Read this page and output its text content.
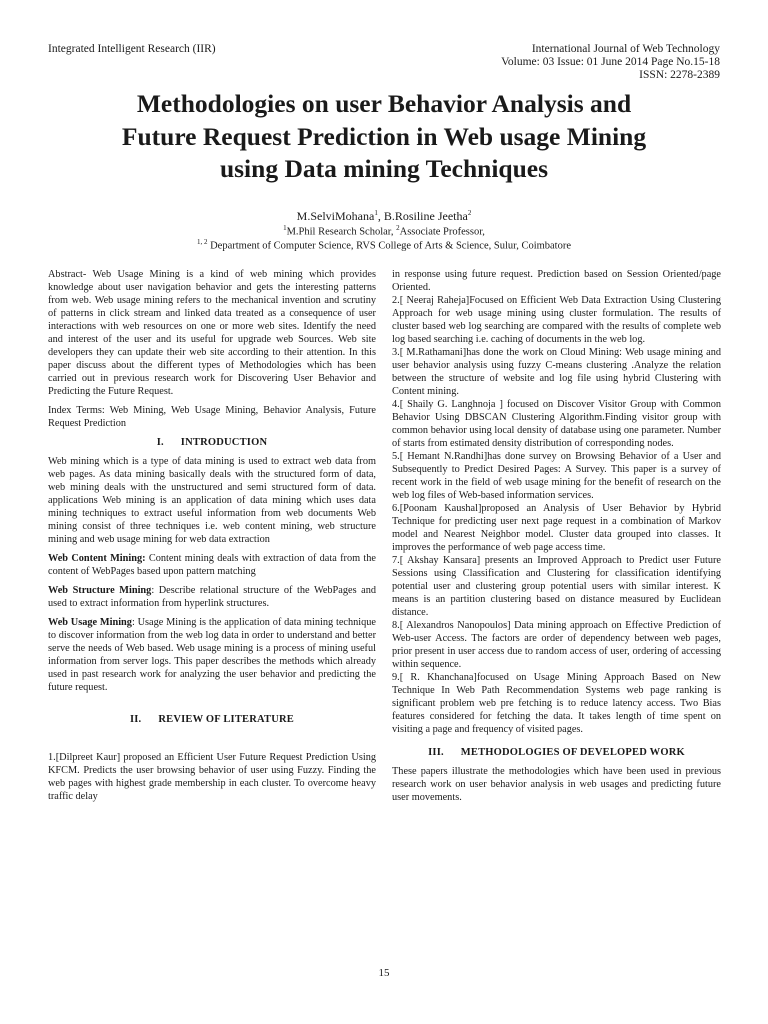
Integrated Intelligent Research (IIR)	International Journal of Web Technology
Volume: 03 Issue: 01 June 2014 Page No.15-18
ISSN: 2278-2389
Methodologies on user Behavior Analysis and
Future Request Prediction in Web usage Mining
using Data mining Techniques
M.SelviMohana$^1$, B.Rosiline Jeetha$^2$
$^1$M.Phil Research Scholar, $^2$Associate Professor,
$^{1, 2}$ Department of Computer Science, RVS College of Arts & Science, Sulur, Coimbatore

Abstract- Web Usage Mining is a kind of web mining which provides knowledge about user navigation behavior and gets the interesting patterns from web. Web usage mining refers to the mechanical invention and scrutiny of patterns in click stream and linked data treated as a consequence of user interactions with web resources on one or more web sites. Identify the need and interest of the user and its useful for upgrade web Sources. Web site developers they can update their web site according to their attention. In this paper discuss about the different types of Methodologies which has been carried out in previous research work for Discovering User Behavior and Predicting the Future Request.

Index Terms: Web Mining, Web Usage Mining, Behavior Analysis, Future Request Prediction

I.      INTRODUCTION

Web mining which is a type of data mining is used to extract web data from web pages. As data mining basically deals with the structured form of data, web mining deals with the unstructured and semi structured form of data. applications Web mining is an application of data mining which uses data mining techniques to extract useful information from web documents Web mining consist of three techniques i.e. web content mining, web structure mining and web usage mining for web data extraction

Web Content Mining: Content mining deals with extraction of data from the content of WebPages based upon pattern matching

Web Structure Mining: Describe relational structure of the WebPages and used to extract information from hyperlink structures.

Web Usage Mining: Usage Mining is the application of data mining technique to discover information from the web log data in order to understand and better serve the needs of Web based. Web usage mining is a process of mining useful information from server logs. This paper describes the methods which already used in past research work for analyzing the user behavior and predicting the future request.

II.      REVIEW OF LITERATURE

1.[Dilpreet Kaur] proposed an Efficient User Future Request Prediction Using KFCM. Predicts the user browsing behavior of user using Fuzzy. Finding the web pages with highest grade membership in each cluster. To overcome heavy traffic delay

in response using future request. Prediction based on Session Oriented/page Oriented.

2.[ Neeraj Raheja]Focused on Efficient Web Data Extraction Using Clustering Approach for web usage mining using cluster formulation. The results of cluster based web log searching are compared with the results of complete web log based searching i.e. caching of documents in the web log.

3.[ M.Rathamani]has done the work on Cloud Mining: Web usage mining and user behavior analysis using fuzzy C-means clustering .Analyze the relation between the structure of website and log file using hybrid Clustering with Content mining.

4.[ Shaily G. Langhnoja ] focused on Discover Visitor Group with Common Behavior Using DBSCAN Clustering Algorithm.Finding visitor group with common behavior using local density of database using one parameter. Number of starts from estimated density distribution of corresponding nodes.

5.[ Hemant N.Randhi]has done survey on Browsing Behavior of a User and Subsequently to Predict Desired Pages: A Survey. This paper is a survey of recent work in the field of web usage mining for the benefit of research on the web log files of Web-based information services.

6.[Poonam Kaushal]proposed an Analysis of User Behavior by Hybrid Technique for predicting user next page request in a combination of Markov model and Nearest Neighbor model. Cluster data grouped into classes. It improves the performance of web page access time.

7.[ Akshay Kansara] presents an Improved Approach to Predict user Future Sessions using Classification and Clustering for classification identifying potential user and clustering group potential users with similar interest. K means is an partition clustering based on distance measured by Euclidean distance.

8.[ Alexandros Nanopoulos] Data mining approach on Effective Prediction of Web-user Access. The factors are order of dependency between web pages, prior present in user access due to random access of user, ordering of accessing within sequence.

9.[ R. Khanchana]focused on Usage Mining Approach Based on New Technique In Web Path Recommendation Systems web page ranking is significant problem web pre fetching is to reduce latency access. Two Bias features considered for fetching the data. It takes length of time spent on visiting a page and frequency of visited pages.

III.      METHODOLOGIES OF DEVELOPED WORK

These papers illustrate the methodologies which have been used in previous research work on user behavior analysis in web usages and predicting future user movements.

15
